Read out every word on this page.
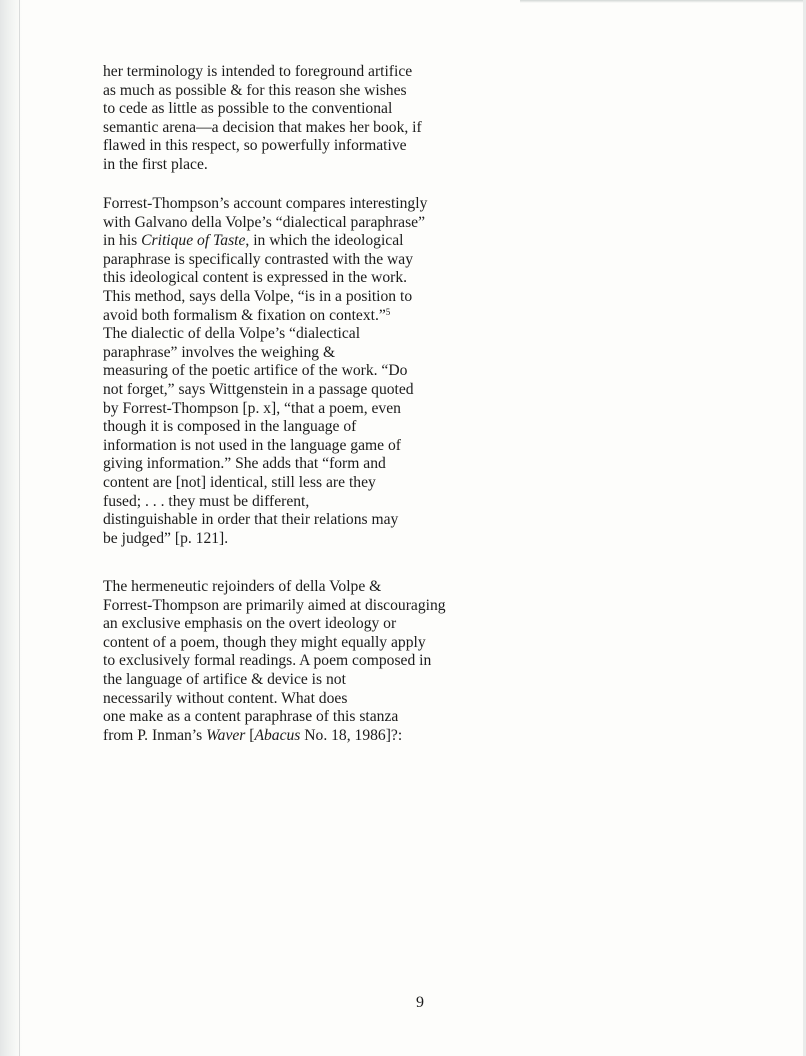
her terminology is intended to foreground artifice
as much as possible & for this reason she wishes
to cede as little as possible to the conventional
semantic arena—a decision that makes her book, if
flawed in this respect, so powerfully informative
in the first place.

Forrest-Thompson’s account compares interestingly
with Galvano della Volpe’s “dialectical paraphrase”
in his Critique of Taste, in which the ideological
paraphrase is specifically contrasted with the way
this ideological content is expressed in the work.
This method, says della Volpe, “is in a position to
avoid both formalism & fixation on context.”$^5$
The dialectic of della Volpe’s “dialectical
paraphrase” involves the weighing &
measuring of the poetic artifice of the work. “Do
not forget,” says Wittgenstein in a passage quoted
by Forrest-Thompson [p. x], “that a poem, even
though it is composed in the language of
information is not used in the language game of
giving information.” She adds that “form and
content are [not] identical, still less are they
fused; . . . they must be different,
distinguishable in order that their relations may
be judged” [p. 121].

The hermeneutic rejoinders of della Volpe &
Forrest-Thompson are primarily aimed at discouraging
an exclusive emphasis on the overt ideology or
content of a poem, though they might equally apply
to exclusively formal readings. A poem composed in
the language of artifice & device is not
necessarily without content. What does
one make as a content paraphrase of this stanza
from P. Inman’s Waver [Abacus No. 18, 1986]?:

9
